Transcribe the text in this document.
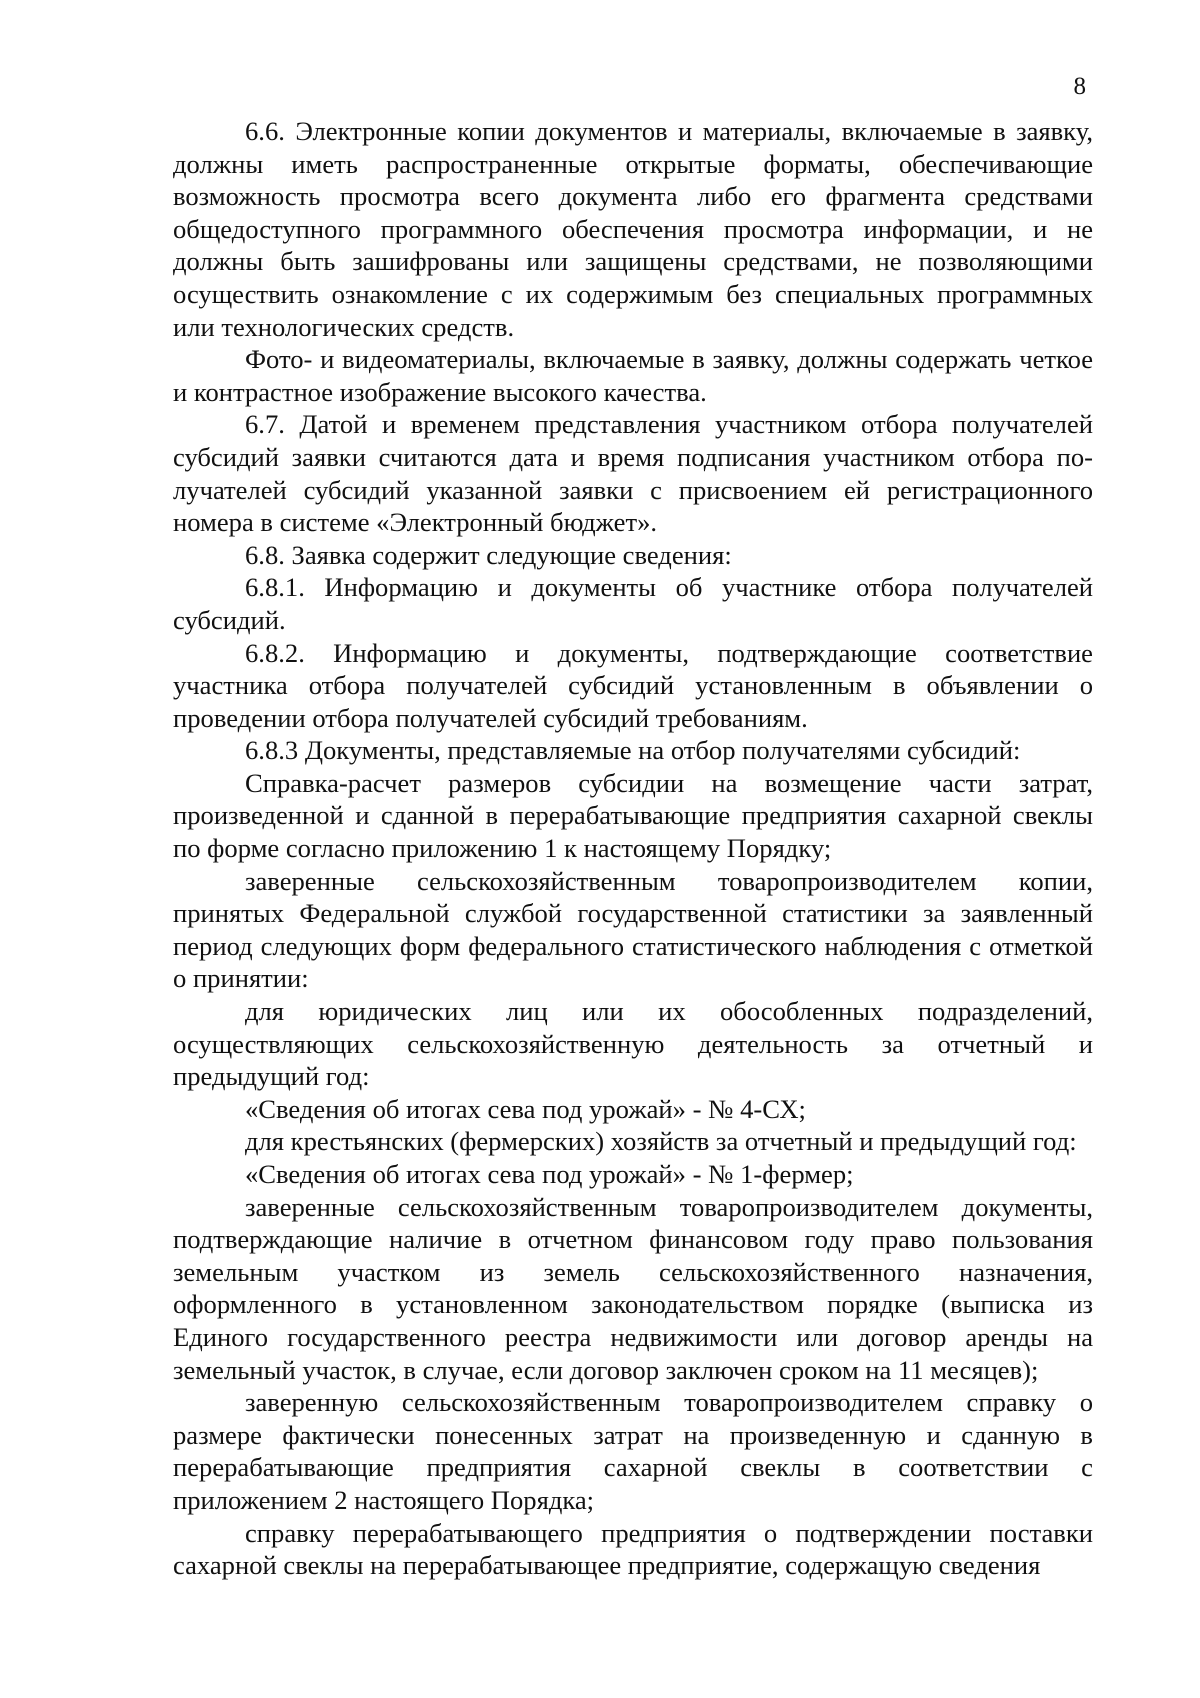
8

6.6. Электронные копии документов и материалы, включаемые в заявку, должны иметь распространенные открытые форматы, обеспечивающие возможность просмотра всего документа либо его фрагмента средствами общедоступного программного обеспечения просмотра информации, и не должны быть зашифрованы или защищены средствами, не позволяющими осуществить ознакомление с их содержимым без специальных программных или технологических средств.

Фото- и видеоматериалы, включаемые в заявку, должны содержать четкое и контрастное изображение высокого качества.

6.7. Датой и временем представления участником отбора получателей субсидий заявки считаются дата и время подписания участником отбора получателей субсидий указанной заявки с присвоением ей регистрационного номера в системе «Электронный бюджет».

6.8. Заявка содержит следующие сведения:

6.8.1. Информацию и документы об участнике отбора получателей субсидий.

6.8.2. Информацию и документы, подтверждающие соответствие участника отбора получателей субсидий установленным в объявлении о проведении отбора получателей субсидий требованиям.

6.8.3 Документы, представляемые на отбор получателями субсидий:

Справка-расчет размеров субсидии на возмещение части затрат, произведенной и сданной в перерабатывающие предприятия сахарной свеклы по форме согласно приложению 1 к настоящему Порядку;

заверенные сельскохозяйственным товаропроизводителем копии, принятых Федеральной службой государственной статистики за заявленный период следующих форм федерального статистического наблюдения с отметкой о принятии:

для юридических лиц или их обособленных подразделений, осуществляющих сельскохозяйственную деятельность за отчетный и предыдущий год:

«Сведения об итогах сева под урожай» - № 4-СХ;

для крестьянских (фермерских) хозяйств за отчетный и предыдущий год:

«Сведения об итогах сева под урожай» - № 1-фермер;

заверенные сельскохозяйственным товаропроизводителем документы, подтверждающие наличие в отчетном финансовом году право пользования земельным участком из земель сельскохозяйственного назначения, оформленного в установленном законодательством порядке (выписка из Единого государственного реестра недвижимости или договор аренды на земельный участок, в случае, если договор заключен сроком на 11 месяцев);

заверенную сельскохозяйственным товаропроизводителем справку о размере фактически понесенных затрат на произведенную и сданную в перерабатывающие предприятия сахарной свеклы в соответствии с приложением 2 настоящего Порядка;

справку перерабатывающего предприятия о подтверждении поставки сахарной свеклы на перерабатывающее предприятие, содержащую сведения
